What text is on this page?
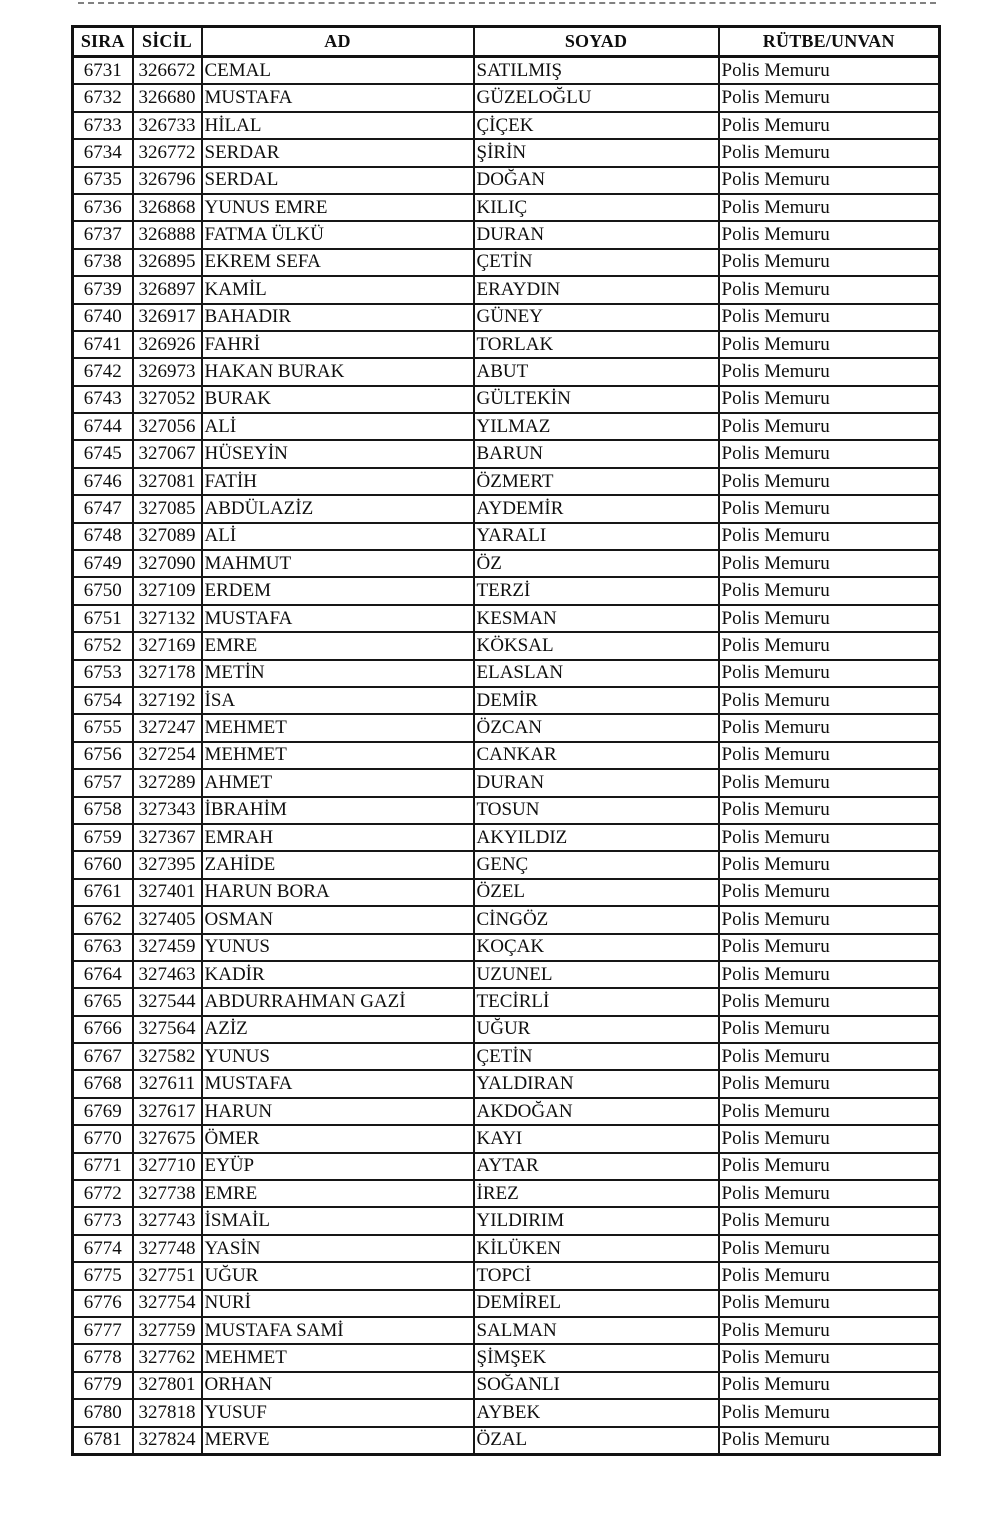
SIRA	SİCİL	AD	SOYAD	RÜTBE/UNVAN
6731	326672	CEMAL	SATILMIŞ	Polis Memuru
6732	326680	MUSTAFA	GÜZELOĞLU	Polis Memuru
6733	326733	HİLAL	ÇİÇEK	Polis Memuru
6734	326772	SERDAR	ŞİRİN	Polis Memuru
6735	326796	SERDAL	DOĞAN	Polis Memuru
6736	326868	YUNUS EMRE	KILIÇ	Polis Memuru
6737	326888	FATMA ÜLKÜ	DURAN	Polis Memuru
6738	326895	EKREM SEFA	ÇETİN	Polis Memuru
6739	326897	KAMİL	ERAYDIN	Polis Memuru
6740	326917	BAHADIR	GÜNEY	Polis Memuru
6741	326926	FAHRİ	TORLAK	Polis Memuru
6742	326973	HAKAN BURAK	ABUT	Polis Memuru
6743	327052	BURAK	GÜLTEKİN	Polis Memuru
6744	327056	ALİ	YILMAZ	Polis Memuru
6745	327067	HÜSEYİN	BARUN	Polis Memuru
6746	327081	FATİH	ÖZMERT	Polis Memuru
6747	327085	ABDÜLAZİZ	AYDEMİR	Polis Memuru
6748	327089	ALİ	YARALI	Polis Memuru
6749	327090	MAHMUT	ÖZ	Polis Memuru
6750	327109	ERDEM	TERZİ	Polis Memuru
6751	327132	MUSTAFA	KESMAN	Polis Memuru
6752	327169	EMRE	KÖKSAL	Polis Memuru
6753	327178	METİN	ELASLAN	Polis Memuru
6754	327192	İSA	DEMİR	Polis Memuru
6755	327247	MEHMET	ÖZCAN	Polis Memuru
6756	327254	MEHMET	CANKAR	Polis Memuru
6757	327289	AHMET	DURAN	Polis Memuru
6758	327343	İBRAHİM	TOSUN	Polis Memuru
6759	327367	EMRAH	AKYILDIZ	Polis Memuru
6760	327395	ZAHİDE	GENÇ	Polis Memuru
6761	327401	HARUN BORA	ÖZEL	Polis Memuru
6762	327405	OSMAN	CİNGÖZ	Polis Memuru
6763	327459	YUNUS	KOÇAK	Polis Memuru
6764	327463	KADİR	UZUNEL	Polis Memuru
6765	327544	ABDURRAHMAN GAZİ	TECİRLİ	Polis Memuru
6766	327564	AZİZ	UĞUR	Polis Memuru
6767	327582	YUNUS	ÇETİN	Polis Memuru
6768	327611	MUSTAFA	YALDIRAN	Polis Memuru
6769	327617	HARUN	AKDOĞAN	Polis Memuru
6770	327675	ÖMER	KAYI	Polis Memuru
6771	327710	EYÜP	AYTAR	Polis Memuru
6772	327738	EMRE	İREZ	Polis Memuru
6773	327743	İSMAİL	YILDIRIM	Polis Memuru
6774	327748	YASİN	KİLÜKEN	Polis Memuru
6775	327751	UĞUR	TOPCİ	Polis Memuru
6776	327754	NURİ	DEMİREL	Polis Memuru
6777	327759	MUSTAFA SAMİ	SALMAN	Polis Memuru
6778	327762	MEHMET	ŞİMŞEK	Polis Memuru
6779	327801	ORHAN	SOĞANLI	Polis Memuru
6780	327818	YUSUF	AYBEK	Polis Memuru
6781	327824	MERVE	ÖZAL	Polis Memuru
